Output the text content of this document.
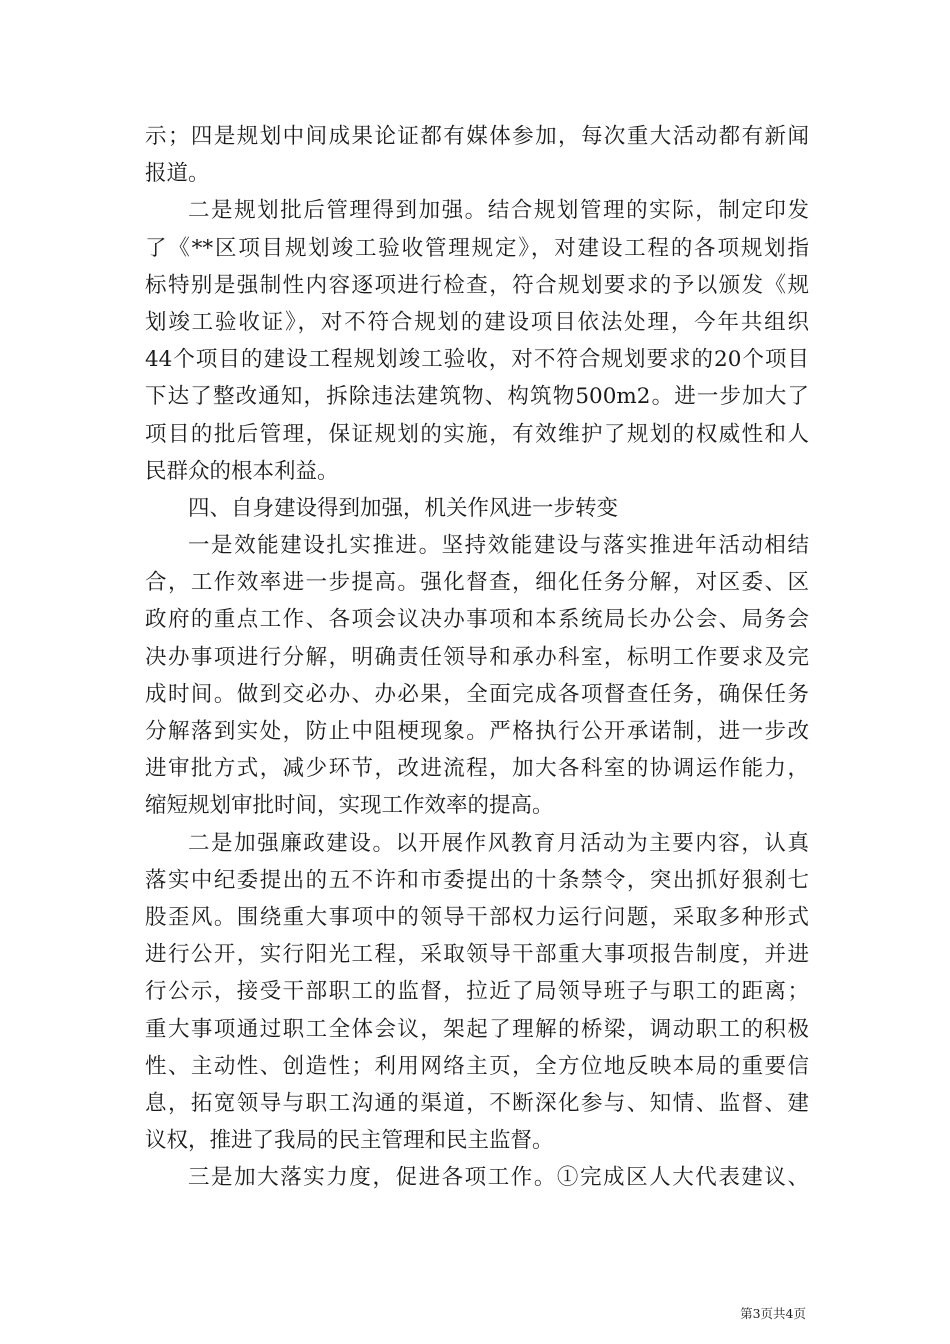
示；四是规划中间成果论证都有媒体参加，每次重大活动都有新闻
报道。
二是规划批后管理得到加强。结合规划管理的实际，制定印发
了《**区项目规划竣工验收管理规定》，对建设工程的各项规划指
标特别是强制性内容逐项进行检查，符合规划要求的予以颁发《规
划竣工验收证》，对不符合规划的建设项目依法处理，今年共组织
44个项目的建设工程规划竣工验收，对不符合规划要求的20个项目
下达了整改通知，拆除违法建筑物、构筑物500m2。进一步加大了
项目的批后管理，保证规划的实施，有效维护了规划的权威性和人
民群众的根本利益。
四、自身建设得到加强，机关作风进一步转变
一是效能建设扎实推进。坚持效能建设与落实推进年活动相结
合，工作效率进一步提高。强化督查，细化任务分解，对区委、区
政府的重点工作、各项会议决办事项和本系统局长办公会、局务会
决办事项进行分解，明确责任领导和承办科室，标明工作要求及完
成时间。做到交必办、办必果，全面完成各项督查任务，确保任务
分解落到实处，防止中阻梗现象。严格执行公开承诺制，进一步改
进审批方式，减少环节，改进流程，加大各科室的协调运作能力，
缩短规划审批时间，实现工作效率的提高。
二是加强廉政建设。以开展作风教育月活动为主要内容，认真
落实中纪委提出的五不许和市委提出的十条禁令，突出抓好狠刹七
股歪风。围绕重大事项中的领导干部权力运行问题，采取多种形式
进行公开，实行阳光工程，采取领导干部重大事项报告制度，并进
行公示，接受干部职工的监督，拉近了局领导班子与职工的距离；
重大事项通过职工全体会议，架起了理解的桥梁，调动职工的积极
性、主动性、创造性；利用网络主页，全方位地反映本局的重要信
息，拓宽领导与职工沟通的渠道，不断深化参与、知情、监督、建
议权，推进了我局的民主管理和民主监督。
三是加大落实力度，促进各项工作。①完成区人大代表建议、
第3页共4页
